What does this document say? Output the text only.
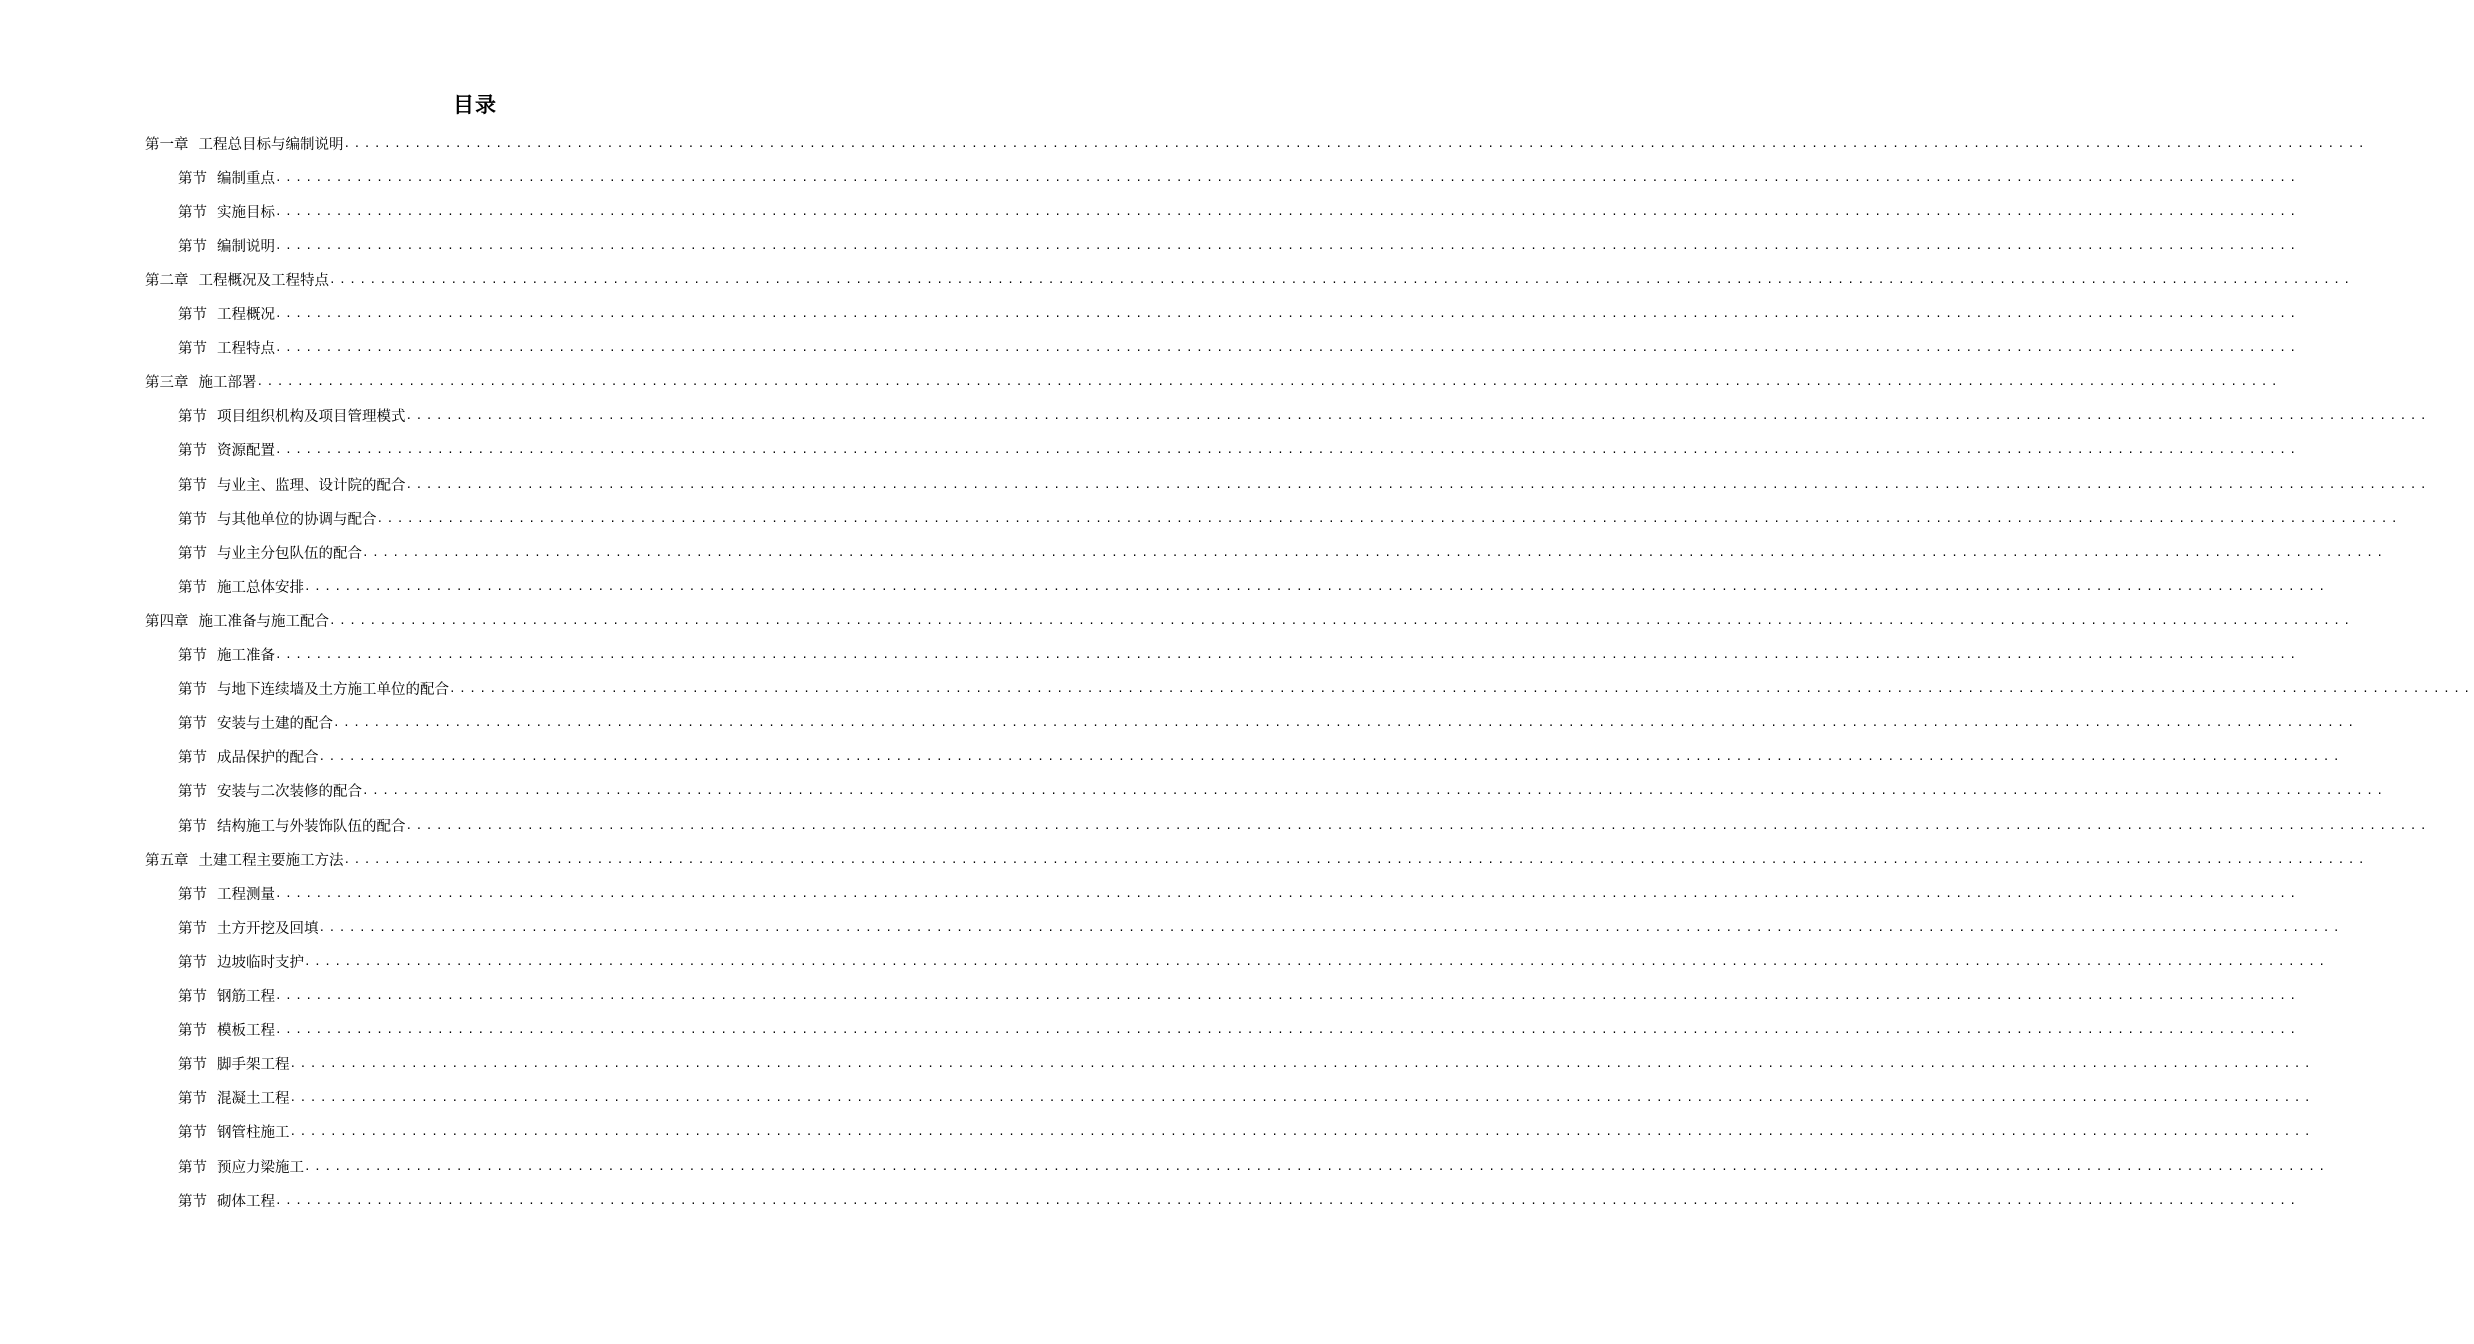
目录
第一章 工程总目标与编制说明 ........................................................................................................................................................................................................
第节 编制重点 ........................................................................................................................................................................................................
第节 实施目标 ........................................................................................................................................................................................................
第节 编制说明 ........................................................................................................................................................................................................
第二章 工程概况及工程特点 ........................................................................................................................................................................................................
第节 工程概况 ........................................................................................................................................................................................................
第节 工程特点 ........................................................................................................................................................................................................
第三章 施工部署 ........................................................................................................................................................................................................
第节 项目组织机构及项目管理模式 ........................................................................................................................................................................................................
第节 资源配置 ........................................................................................................................................................................................................
第节 与业主、监理、设计院的配合 ........................................................................................................................................................................................................
第节 与其他单位的协调与配合 ........................................................................................................................................................................................................
第节 与业主分包队伍的配合 ........................................................................................................................................................................................................
第节 施工总体安排 ........................................................................................................................................................................................................
第四章 施工准备与施工配合 ........................................................................................................................................................................................................
第节 施工准备 ........................................................................................................................................................................................................
第节 与地下连续墙及土方施工单位的配合 ........................................................................................................................................................................................................
第节 安装与土建的配合 ........................................................................................................................................................................................................
第节 成品保护的配合 ........................................................................................................................................................................................................
第节 安装与二次装修的配合 ........................................................................................................................................................................................................
第节 结构施工与外装饰队伍的配合 ........................................................................................................................................................................................................
第五章 土建工程主要施工方法 ........................................................................................................................................................................................................
第节 工程测量 ........................................................................................................................................................................................................
第节 土方开挖及回填 ........................................................................................................................................................................................................
第节 边坡临时支护 ........................................................................................................................................................................................................
第节 钢筋工程 ........................................................................................................................................................................................................
第节 模板工程 ........................................................................................................................................................................................................
第节 脚手架工程 ........................................................................................................................................................................................................
第节 混凝土工程 ........................................................................................................................................................................................................
第节 钢管柱施工 ........................................................................................................................................................................................................
第节 预应力梁施工 ........................................................................................................................................................................................................
第节 砌体工程 ........................................................................................................................................................................................................
